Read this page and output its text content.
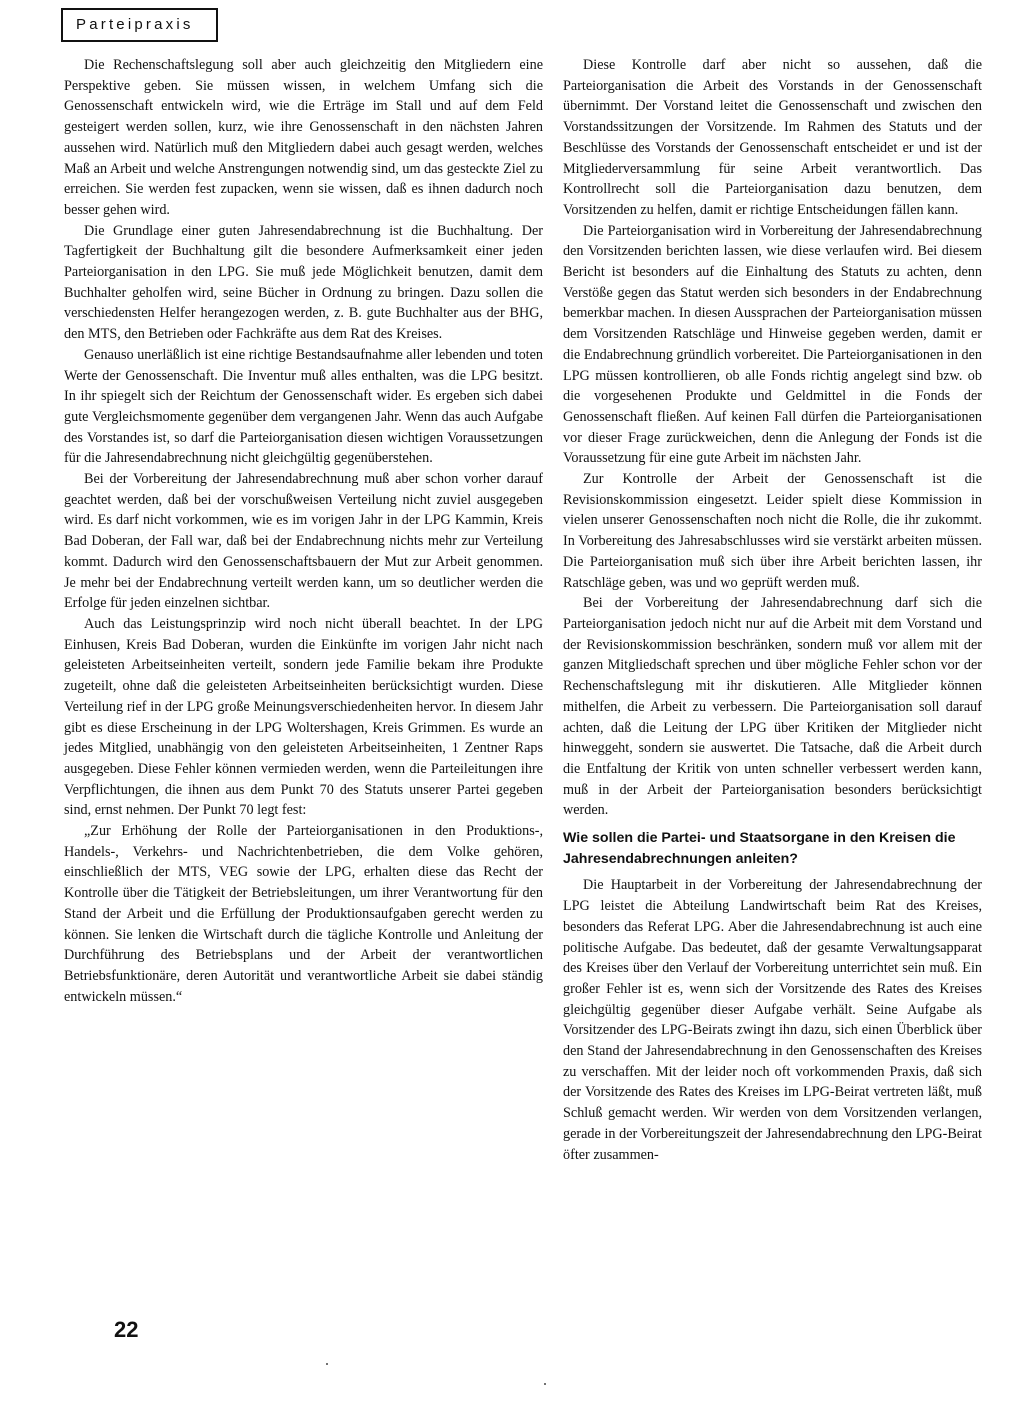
Parteipraxis

Die Rechenschaftslegung soll aber auch gleichzeitig den Mitgliedern eine Perspektive geben. Sie müssen wissen, in welchem Umfang sich die Genossenschaft entwickeln wird, wie die Erträge im Stall und auf dem Feld gesteigert werden sollen, kurz, wie ihre Genossenschaft in den nächsten Jahren aussehen wird. Natürlich muß den Mitgliedern dabei auch gesagt werden, welches Maß an Arbeit und welche Anstrengungen notwendig sind, um das gesteckte Ziel zu erreichen. Sie werden fest zupacken, wenn sie wissen, daß es ihnen dadurch noch besser gehen wird.

Die Grundlage einer guten Jahresendabrechnung ist die Buchhaltung. Der Tagfertigkeit der Buchhaltung gilt die besondere Aufmerksamkeit einer jeden Parteiorganisation in den LPG. Sie muß jede Möglichkeit benutzen, damit dem Buchhalter geholfen wird, seine Bücher in Ordnung zu bringen. Dazu sollen die verschiedensten Helfer herangezogen werden, z. B. gute Buchhalter aus der BHG, den MTS, den Betrieben oder Fachkräfte aus dem Rat des Kreises.

Genauso unerläßlich ist eine richtige Bestandsaufnahme aller lebenden und toten Werte der Genossenschaft. Die Inventur muß alles enthalten, was die LPG besitzt. In ihr spiegelt sich der Reichtum der Genossenschaft wider. Es ergeben sich dabei gute Vergleichsmomente gegenüber dem vergangenen Jahr. Wenn das auch Aufgabe des Vorstandes ist, so darf die Parteiorganisation diesen wichtigen Voraussetzungen für die Jahresendabrechnung nicht gleichgültig gegenüberstehen.

Bei der Vorbereitung der Jahresendabrechnung muß aber schon vorher darauf geachtet werden, daß bei der vorschußweisen Verteilung nicht zuviel ausgegeben wird. Es darf nicht vorkommen, wie es im vorigen Jahr in der LPG Kammin, Kreis Bad Doberan, der Fall war, daß bei der Endabrechnung nichts mehr zur Verteilung kommt. Dadurch wird den Genossenschaftsbauern der Mut zur Arbeit genommen. Je mehr bei der Endabrechnung verteilt werden kann, um so deutlicher werden die Erfolge für jeden einzelnen sichtbar.

Auch das Leistungsprinzip wird noch nicht überall beachtet. In der LPG Einhusen, Kreis Bad Doberan, wurden die Einkünfte im vorigen Jahr nicht nach geleisteten Arbeitseinheiten verteilt, sondern jede Familie bekam ihre Produkte zugeteilt, ohne daß die geleisteten Arbeitseinheiten berücksichtigt wurden. Diese Verteilung rief in der LPG große Meinungsverschiedenheiten hervor. In diesem Jahr gibt es diese Erscheinung in der LPG Woltershagen, Kreis Grimmen. Es wurde an jedes Mitglied, unabhängig von den geleisteten Arbeitseinheiten, 1 Zentner Raps ausgegeben. Diese Fehler können vermieden werden, wenn die Parteileitungen ihre Verpflichtungen, die ihnen aus dem Punkt 70 des Statuts unserer Partei gegeben sind, ernst nehmen. Der Punkt 70 legt fest:

„Zur Erhöhung der Rolle der Parteiorganisationen in den Produktions-, Handels-, Verkehrs- und Nachrichtenbetrieben, die dem Volke gehören, einschließlich der MTS, VEG sowie der LPG, erhalten diese das Recht der Kontrolle über die Tätigkeit der Betriebsleitungen, um ihrer Verantwortung für den Stand der Arbeit und die Erfüllung der Produktionsaufgaben gerecht werden zu können. Sie lenken die Wirtschaft durch die tägliche Kontrolle und Anleitung der Durchführung des Betriebsplans und der Arbeit der verantwortlichen Betriebsfunktionäre, deren Autorität und verantwortliche Arbeit sie dabei ständig entwickeln müssen.“

Diese Kontrolle darf aber nicht so aussehen, daß die Parteiorganisation die Arbeit des Vorstands in der Genossenschaft übernimmt. Der Vorstand leitet die Genossenschaft und zwischen den Vorstandssitzungen der Vorsitzende. Im Rahmen des Statuts und der Beschlüsse des Vorstands der Genossenschaft entscheidet er und ist der Mitgliederversammlung für seine Arbeit verantwortlich. Das Kontrollrecht soll die Parteiorganisation dazu benutzen, dem Vorsitzenden zu helfen, damit er richtige Entscheidungen fällen kann.

Die Parteiorganisation wird in Vorbereitung der Jahresendabrechnung den Vorsitzenden berichten lassen, wie diese verlaufen wird. Bei diesem Bericht ist besonders auf die Einhaltung des Statuts zu achten, denn Verstöße gegen das Statut werden sich besonders in der Endabrechnung bemerkbar machen. In diesen Aussprachen der Parteiorganisation müssen dem Vorsitzenden Ratschläge und Hinweise gegeben werden, damit er die Endabrechnung gründlich vorbereitet. Die Parteiorganisationen in den LPG müssen kontrollieren, ob alle Fonds richtig angelegt sind bzw. ob die vorgesehenen Produkte und Geldmittel in die Fonds der Genossenschaft fließen. Auf keinen Fall dürfen die Parteiorganisationen vor dieser Frage zurückweichen, denn die Anlegung der Fonds ist die Voraussetzung für eine gute Arbeit im nächsten Jahr.

Zur Kontrolle der Arbeit der Genossenschaft ist die Revisionskommission eingesetzt. Leider spielt diese Kommission in vielen unserer Genossenschaften noch nicht die Rolle, die ihr zukommt. In Vorbereitung des Jahresabschlusses wird sie verstärkt arbeiten müssen. Die Parteiorganisation muß sich über ihre Arbeit berichten lassen, ihr Ratschläge geben, was und wo geprüft werden muß.

Bei der Vorbereitung der Jahresendabrechnung darf sich die Parteiorganisation jedoch nicht nur auf die Arbeit mit dem Vorstand und der Revisionskommission beschränken, sondern muß vor allem mit der ganzen Mitgliedschaft sprechen und über mögliche Fehler schon vor der Rechenschaftslegung mit ihr diskutieren. Alle Mitglieder können mithelfen, die Arbeit zu verbessern. Die Parteiorganisation soll darauf achten, daß die Leitung der LPG über Kritiken der Mitglieder nicht hinweggeht, sondern sie auswertet. Die Tatsache, daß die Arbeit durch die Entfaltung der Kritik von unten schneller verbessert werden kann, muß in der Arbeit der Parteiorganisation besonders berücksichtigt werden.

Wie sollen die Partei- und Staatsorgane in den Kreisen die Jahresendabrechnungen anleiten?

Die Hauptarbeit in der Vorbereitung der Jahresendabrechnung der LPG leistet die Abteilung Landwirtschaft beim Rat des Kreises, besonders das Referat LPG. Aber die Jahresendabrechnung ist auch eine politische Aufgabe. Das bedeutet, daß der gesamte Verwaltungsapparat des Kreises über den Verlauf der Vorbereitung unterrichtet sein muß. Ein großer Fehler ist es, wenn sich der Vorsitzende des Rates des Kreises gleichgültig gegenüber dieser Aufgabe verhält. Seine Aufgabe als Vorsitzender des LPG-Beirats zwingt ihn dazu, sich einen Überblick über den Stand der Jahresendabrechnung in den Genossenschaften des Kreises zu verschaffen. Mit der leider noch oft vorkommenden Praxis, daß sich der Vorsitzende des Rates des Kreises im LPG-Beirat vertreten läßt, muß Schluß gemacht werden. Wir werden von dem Vorsitzenden verlangen, gerade in der Vorbereitungszeit der Jahresendabrechnung den LPG-Beirat öfter zusammen-

22
